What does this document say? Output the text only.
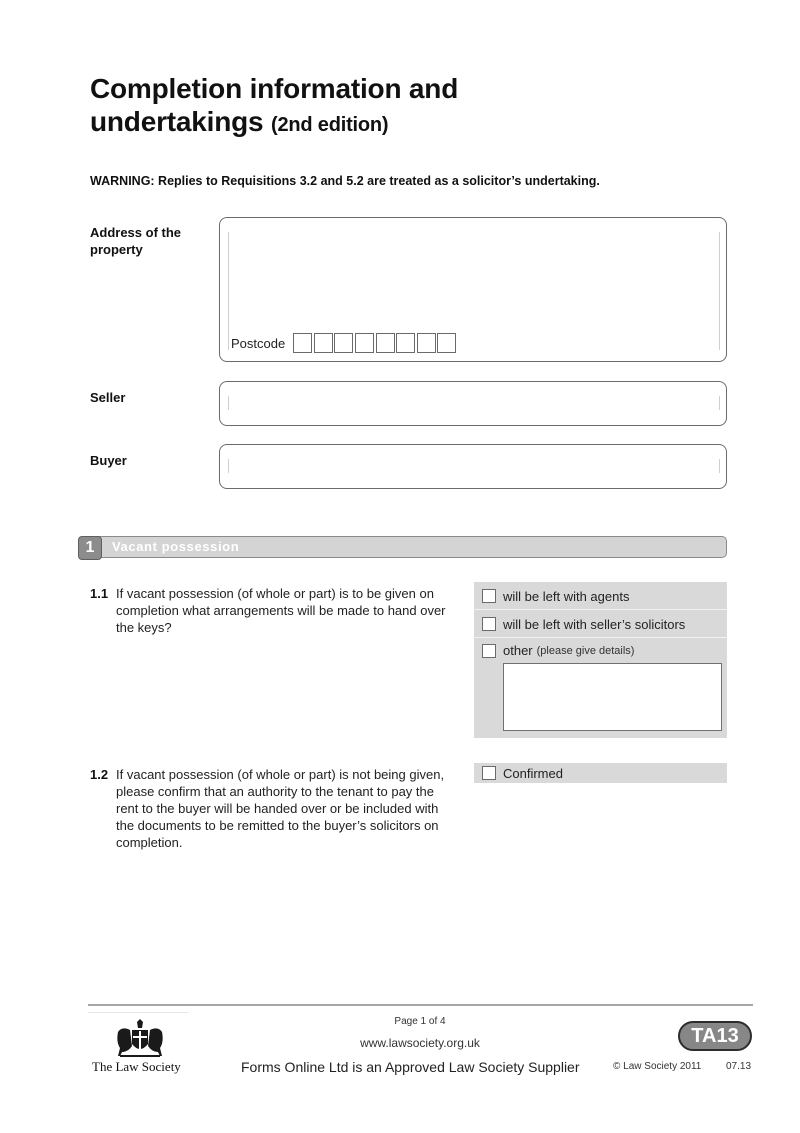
Completion information and
undertakings (2nd edition)
WARNING: Replies to Requisitions 3.2 and 5.2 are treated as a solicitor’s undertaking.
Address of the
property
Postcode
Seller
Buyer
1	Vacant possession
1.1 If vacant possession (of whole or part) is to be given on completion what arrangements will be made to hand over the keys?
will be left with agents
will be left with seller’s solicitors
other (please give details)
1.2 If vacant possession (of whole or part) is not being given, please confirm that an authority to the tenant to pay the rent to the buyer will be handed over or be included with the documents to be remitted to the buyer’s solicitors on completion.
Confirmed
The Law Society
Page 1 of 4
www.lawsociety.org.uk
Forms Online Ltd is an Approved Law Society Supplier
TA13
© Law Society 2011 07.13
